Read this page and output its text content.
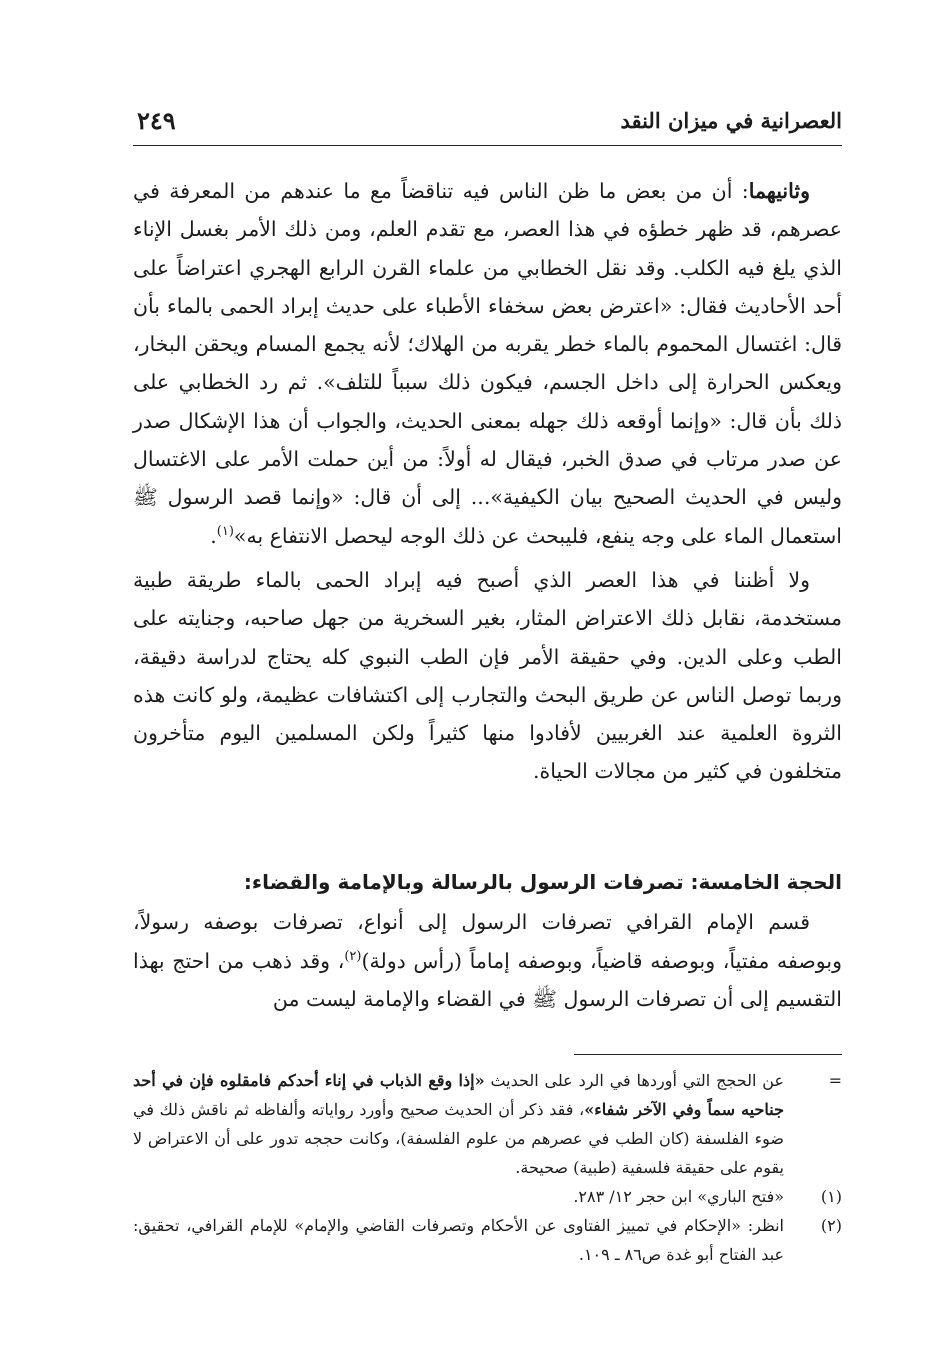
العصرانية في ميزان النقد
٢٤٩

وثانيهما: أن من بعض ما ظن الناس فيه تناقضاً مع ما عندهم من المعرفة في عصرهم، قد ظهر خطؤه في هذا العصر، مع تقدم العلم، ومن ذلك الأمر بغسل الإناء الذي يلغ فيه الكلب. وقد نقل الخطابي من علماء القرن الرابع الهجري اعتراضاً على أحد الأحاديث فقال: «اعترض بعض سخفاء الأطباء على حديث إبراد الحمى بالماء بأن قال: اغتسال المحموم بالماء خطر يقربه من الهلاك؛ لأنه يجمع المسام ويحقن البخار، ويعكس الحرارة إلى داخل الجسم، فيكون ذلك سبباً للتلف». ثم رد الخطابي على ذلك بأن قال: «وإنما أوقعه ذلك جهله بمعنى الحديث، والجواب أن هذا الإشكال صدر عن صدر مرتاب في صدق الخبر، فيقال له أولاً: من أين حملت الأمر على الاغتسال وليس في الحديث الصحيح بيان الكيفية»... إلى أن قال: «وإنما قصد الرسول ﷺ استعمال الماء على وجه ينفع، فليبحث عن ذلك الوجه ليحصل الانتفاع به»$^{(١)}$.

ولا أظننا في هذا العصر الذي أصبح فيه إبراد الحمى بالماء طريقة طبية مستخدمة، نقابل ذلك الاعتراض المثار، بغير السخرية من جهل صاحبه، وجنايته على الطب وعلى الدين. وفي حقيقة الأمر فإن الطب النبوي كله يحتاج لدراسة دقيقة، وربما توصل الناس عن طريق البحث والتجارب إلى اكتشافات عظيمة، ولو كانت هذه الثروة العلمية عند الغربيين لأفادوا منها كثيراً ولكن المسلمين اليوم متأخرون متخلفون في كثير من مجالات الحياة.

الحجة الخامسة: تصرفات الرسول بالرسالة وبالإمامة والقضاء:

قسم الإمام القرافي تصرفات الرسول إلى أنواع، تصرفات بوصفه رسولاً، وبوصفه مفتياً، وبوصفه قاضياً، وبوصفه إماماً (رأس دولة)$^{(٢)}$، وقد ذهب من احتج بهذا التقسيم إلى أن تصرفات الرسول ﷺ في القضاء والإمامة ليست من

=
عن الحجج التي أوردها في الرد على الحديث «إذا وقع الذباب في إناء أحدكم فامقلوه فإن في أحد جناحيه سماً وفي الآخر شفاء»، فقد ذكر أن الحديث صحيح وأورد رواياته وألفاظه ثم ناقش ذلك في ضوء الفلسفة (كان الطب في عصرهم من علوم الفلسفة)، وكانت حججه تدور على أن الاعتراض لا يقوم على حقيقة فلسفية (طبية) صحيحة.
(١)
«فتح الباري» ابن حجر ١٢/ ٢٨٣.
(٢)
انظر: «الإحكام في تمييز الفتاوى عن الأحكام وتصرفات القاضي والإمام» للإمام القرافي، تحقيق: عبد الفتاح أبو غدة ص٨٦ ـ ١٠٩.
